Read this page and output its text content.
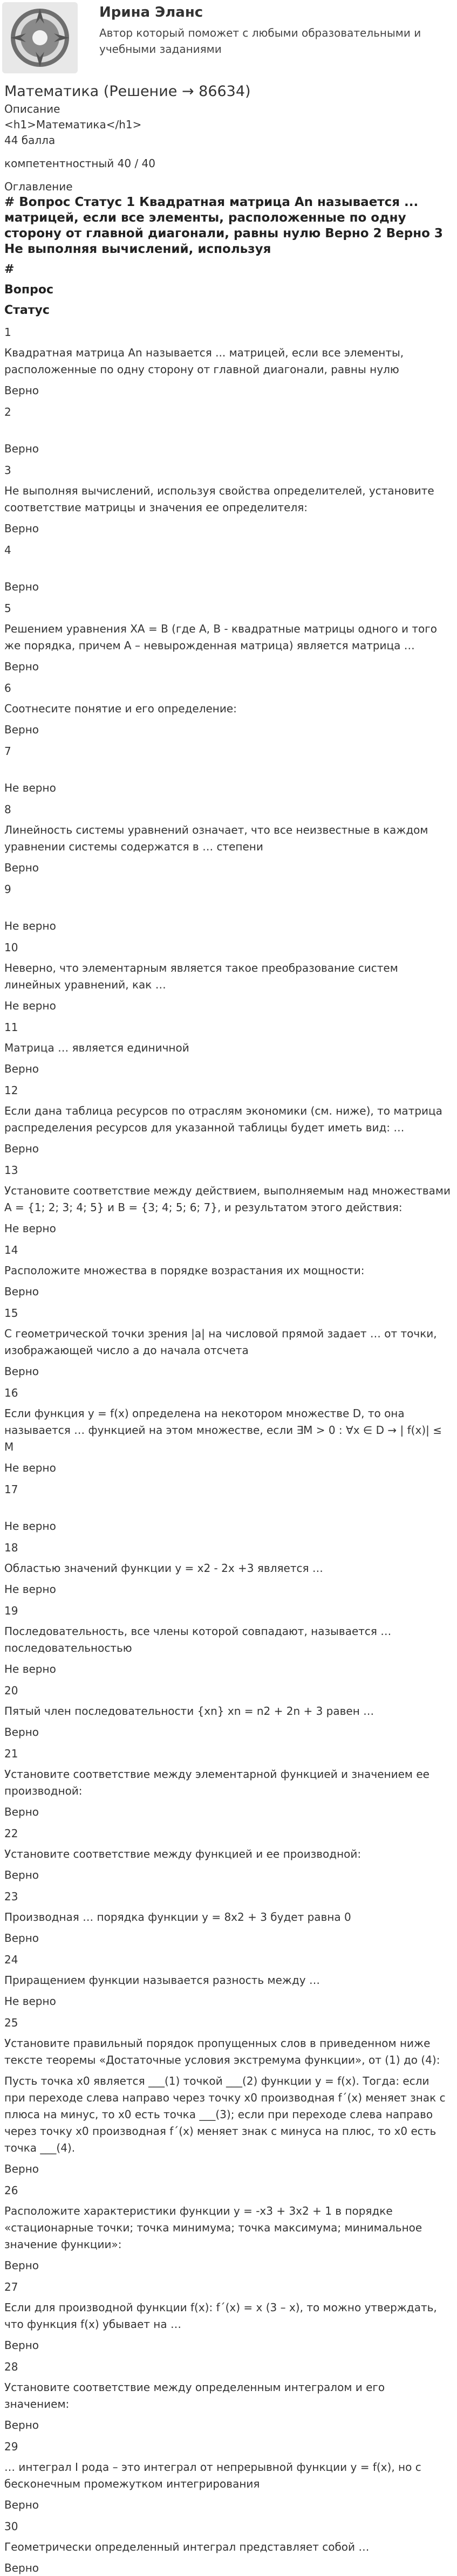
Ирина Эланс
Автор который поможет с любыми образовательными и учебными заданиями
Математика (Решение → 86634)
Описание
<h1>Математика</h1>
44 балла
компетентностный 40 / 40
Оглавление
# Вопрос Статус 1 Квадратная матрица An называется ... матрицей, если все элементы, расположенные по одну сторону от главной диагонали, равны нулю Верно 2 Верно 3 Не выполняя вычислений, используя
#
Вопрос
Статус
1
Квадратная матрица An называется ... матрицей, если все элементы, расположенные по одну сторону от главной диагонали, равны нулю
Верно
2
Верно
3
Не выполняя вычислений, используя свойства определителей, установите соответствие матрицы и значения ее определителя:
Верно
4
Верно
5
Решением уравнения XA = B (где A, B - квадратные матрицы одного и того же порядка, причем A – невырожденная матрица) является матрица …
Верно
6
Соотнесите понятие и его определение:
Верно
7
Не верно
8
Линейность системы уравнений означает, что все неизвестные в каждом уравнении системы содержатся в … степени
Верно
9
Не верно
10
Неверно, что элементарным является такое преобразование систем линейных уравнений, как …
Не верно
11
Матрица … является единичной
Верно
12
Если дана таблица ресурсов по отраслям экономики (см. ниже), то матрица распределения ресурсов для указанной таблицы будет иметь вид: …
Верно
13
Установите соответствие между действием, выполняемым над множествами A = {1; 2; 3; 4; 5} и B = {3; 4; 5; 6; 7}, и результатом этого действия:
Не верно
14
Расположите множества в порядке возрастания их мощности:
Верно
15
С геометрической точки зрения |a| на числовой прямой задает … от точки, изображающей число a до начала отсчета
Верно
16
Если функция y = f(x) определена на некотором множестве D, то она называется … функцией на этом множестве, если ∃M > 0 : ∀x ∈ D → | f(x)| ≤ M
Не верно
17
Не верно
18
Областью значений функции y = x2 - 2x +3 является …
Не верно
19
Последовательность, все члены которой совпадают, называется … последовательностью
Не верно
20
Пятый член последовательности {xn} xn = n2 + 2n + 3 равен …
Верно
21
Установите соответствие между элементарной функцией и значением ее производной:
Верно
22
Установите соответствие между функцией и ее производной:
Верно
23
Производная … порядка функции y = 8x2 + 3 будет равна 0
Верно
24
Приращением функции называется разность между …
Не верно
25
Установите правильный порядок пропущенных слов в приведенном ниже тексте теоремы «Достаточные условия экстремума функции», от (1) до (4):
Пусть точка x0 является ___(1) точкой ___(2) функции y = f(x). Тогда: если при переходе слева направо через точку x0 производная f´(x) меняет знак с плюса на минус, то x0 есть точка ___(3); если при переходе слева направо через точку x0 производная f´(x) меняет знак с минуса на плюс, то x0 есть точка ___(4).
Верно
26
Расположите характеристики функции y = -x3 + 3x2 + 1 в порядке «стационарные точки; точка минимума; точка максимума; минимальное значение функции»:
Верно
27
Если для производной функции f(x): f´(x) = x (3 – x), то можно утверждать, что функция f(x) убывает на …
Верно
28
Установите соответствие между определенным интегралом и его значением:
Верно
29
… интеграл I рода – это интеграл от непрерывной функции y = f(x), но с бесконечным промежутком интегрирования
Верно
30
Геометрически определенный интеграл представляет собой …
Верно
